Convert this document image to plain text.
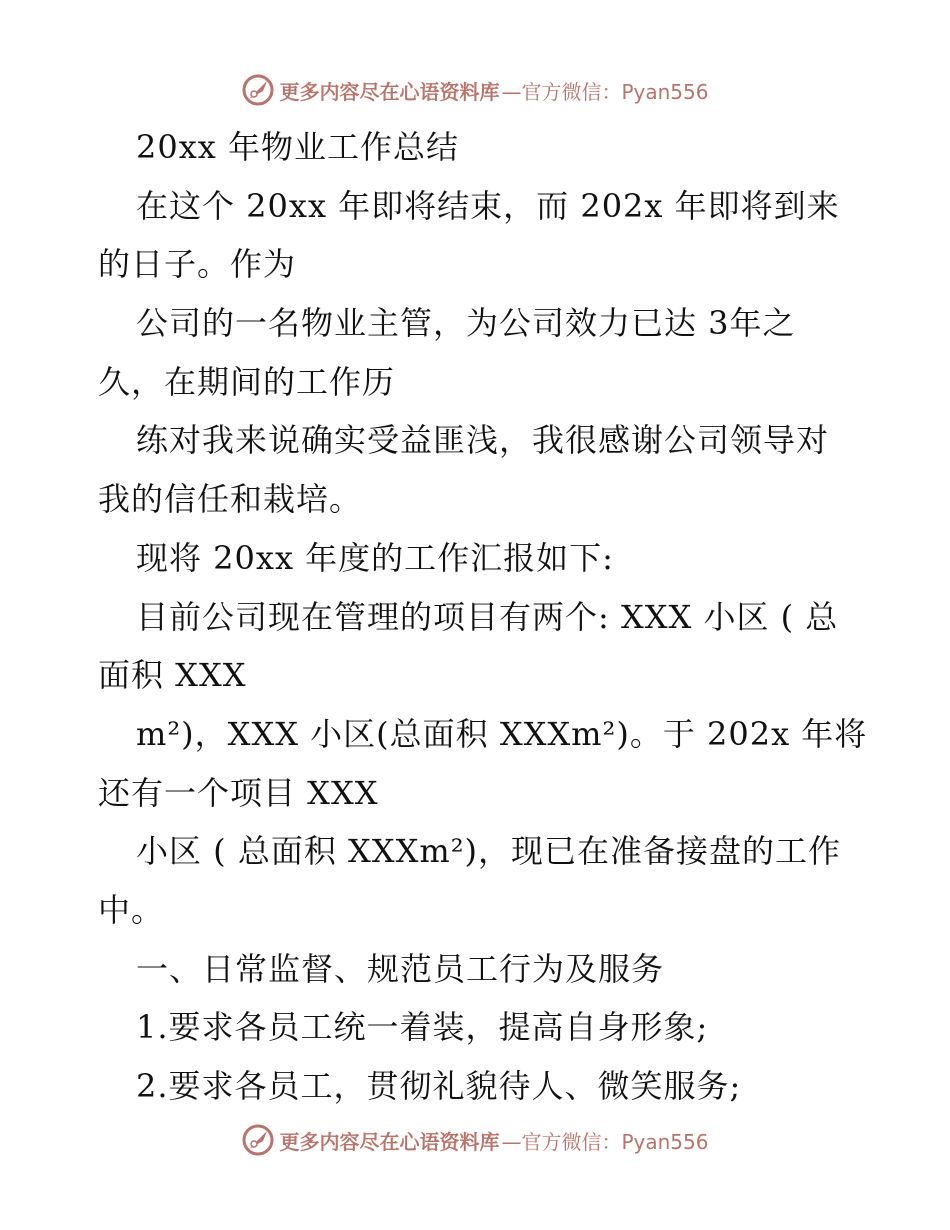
更多内容尽在心语资料库 —官方微信：Pyan556
20xx 年物业工作总结
在这个 20xx 年即将结束，而 202x 年即将到来
的日子。作为
公司的一名物业主管，为公司效力已达 3年之
久，在期间的工作历
练对我来说确实受益匪浅，我很感谢公司领导对
我的信任和栽培。
现将 20xx 年度的工作汇报如下:
目前公司现在管理的项目有两个: XXX 小区 ( 总
面积 XXX
m²)，XXX 小区(总面积 XXXm²)。于 202x 年将
还有一个项目 XXX
小区 ( 总面积 XXXm²)，现已在准备接盘的工作
中。
一、日常监督、规范员工行为及服务
1.要求各员工统一着装，提高自身形象;
2.要求各员工，贯彻礼貌待人、微笑服务;
更多内容尽在心语资料库 —官方微信：Pyan556
